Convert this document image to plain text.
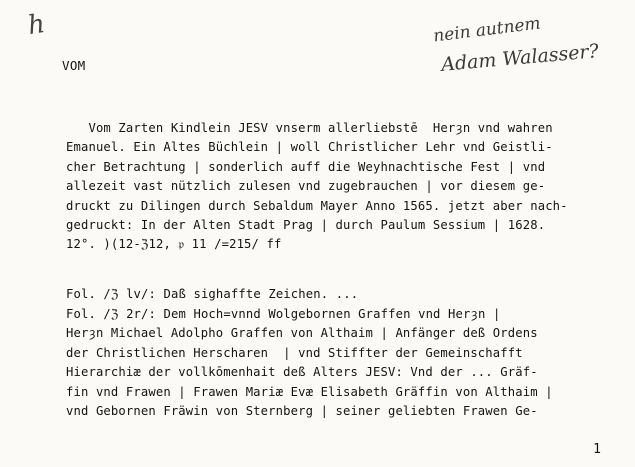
h	nein autnem
Adam Walasser?
VOM
Vom Zarten Kindlein JESV vnserm allerliebstē  Herȝn vnd wahren
Emanuel. Ein Altes Büchlein | woll Christlicher Lehr vnd Geistli-
cher Betrachtung | sonderlich auff die Weyhnachtische Fest | vnd
allezeit vast nützlich zulesen vnd zugebrauchen | vor diesem ge-
druckt zu Dilingen durch Sebaldum Mayer Anno 1565. jetzt aber nach-
gedruckt: In der Alten Stadt Prag | durch Paulum Sessium | 1628.
12°. )(12-ℨ12, 𝔭 11 /=215/ ff
Fol. /ℨ lv/: Daß sighaffte Zeichen. ...
Fol. /ℨ 2r/: Dem Hoch=vnnd Wolgebornen Graffen vnd Herȝn |
Herȝn Michael Adolpho Graffen von Althaim | Anfänger deß Ordens
der Christlichen Herscharen  | vnd Stiffter der Gemeinschafft
Hierarchiæ der vollkōmenhait deß Alters JESV: Vnd der ... Gräf-
fin vnd Frawen | Frawen Mariæ Evæ Elisabeth Gräffin von Althaim |
vnd Gebornen Fräwin von Sternberg | seiner geliebten Frawen Ge-
1
